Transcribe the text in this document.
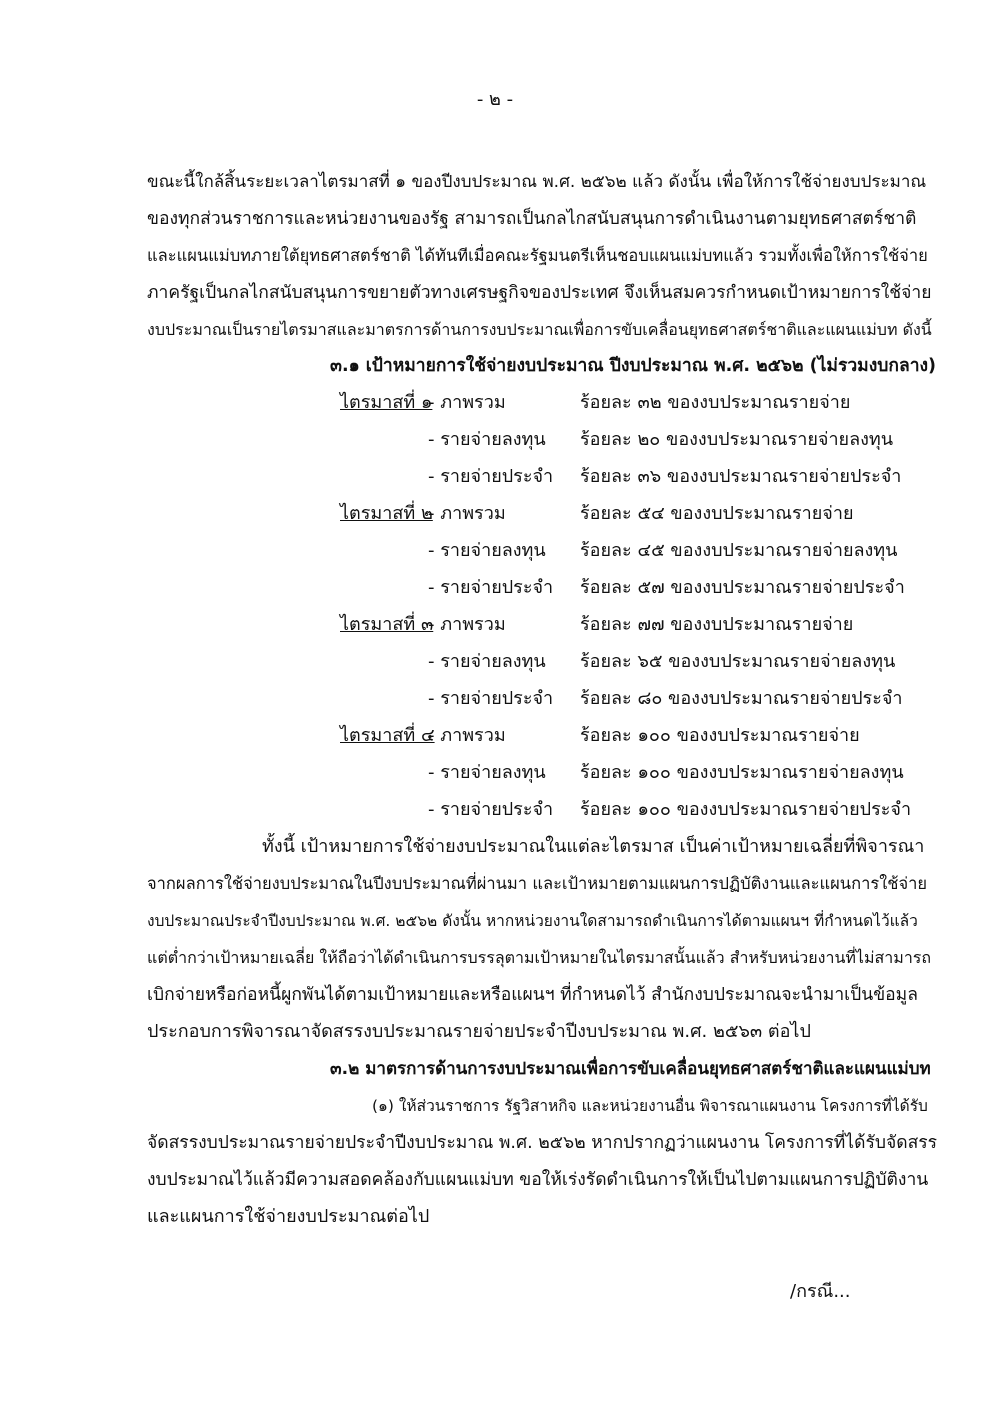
- ๒ -
ขณะนี้ใกล้สิ้นระยะเวลาไตรมาสที่ ๑ ของปีงบประมาณ พ.ศ. ๒๕๖๒ แล้ว ดังนั้น เพื่อให้การใช้จ่ายงบประมาณ
ของทุกส่วนราชการและหน่วยงานของรัฐ สามารถเป็นกลไกสนับสนุนการดำเนินงานตามยุทธศาสตร์ชาติ
และแผนแม่บทภายใต้ยุทธศาสตร์ชาติ ได้ทันทีเมื่อคณะรัฐมนตรีเห็นชอบแผนแม่บทแล้ว รวมทั้งเพื่อให้การใช้จ่าย
ภาครัฐเป็นกลไกสนับสนุนการขยายตัวทางเศรษฐกิจของประเทศ จึงเห็นสมควรกำหนดเป้าหมายการใช้จ่าย
งบประมาณเป็นรายไตรมาสและมาตรการด้านการงบประมาณเพื่อการขับเคลื่อนยุทธศาสตร์ชาติและแผนแม่บท ดังนี้
๓.๑ เป้าหมายการใช้จ่ายงบประมาณ ปีงบประมาณ พ.ศ. ๒๕๖๒ (ไม่รวมงบกลาง)
ไตรมาสที่ ๑
- ภาพรวม	ร้อยละ ๓๒ ของงบประมาณรายจ่าย
- รายจ่ายลงทุน ร้อยละ ๒๐ ของงบประมาณรายจ่ายลงทุน
- รายจ่ายประจำ ร้อยละ ๓๖ ของงบประมาณรายจ่ายประจำ
ไตรมาสที่ ๒
- ภาพรวม	ร้อยละ ๕๔ ของงบประมาณรายจ่าย
- รายจ่ายลงทุน ร้อยละ ๔๕ ของงบประมาณรายจ่ายลงทุน
- รายจ่ายประจำ ร้อยละ ๕๗ ของงบประมาณรายจ่ายประจำ
ไตรมาสที่ ๓
- ภาพรวม	ร้อยละ ๗๗ ของงบประมาณรายจ่าย
- รายจ่ายลงทุน ร้อยละ ๖๕ ของงบประมาณรายจ่ายลงทุน
- รายจ่ายประจำ ร้อยละ ๘๐ ของงบประมาณรายจ่ายประจำ
ไตรมาสที่ ๔
- ภาพรวม	ร้อยละ ๑๐๐ ของงบประมาณรายจ่าย
- รายจ่ายลงทุน ร้อยละ ๑๐๐ ของงบประมาณรายจ่ายลงทุน
- รายจ่ายประจำ ร้อยละ ๑๐๐ ของงบประมาณรายจ่ายประจำ
ทั้งนี้ เป้าหมายการใช้จ่ายงบประมาณในแต่ละไตรมาส เป็นค่าเป้าหมายเฉลี่ยที่พิจารณา
จากผลการใช้จ่ายงบประมาณในปีงบประมาณที่ผ่านมา และเป้าหมายตามแผนการปฏิบัติงานและแผนการใช้จ่าย
งบประมาณประจำปีงบประมาณ พ.ศ. ๒๕๖๒ ดังนั้น หากหน่วยงานใดสามารถดำเนินการได้ตามแผนฯ ที่กำหนดไว้แล้ว
แต่ต่ำกว่าเป้าหมายเฉลี่ย ให้ถือว่าได้ดำเนินการบรรลุตามเป้าหมายในไตรมาสนั้นแล้ว สำหรับหน่วยงานที่ไม่สามารถ
เบิกจ่ายหรือก่อหนี้ผูกพันได้ตามเป้าหมายและหรือแผนฯ ที่กำหนดไว้ สำนักงบประมาณจะนำมาเป็นข้อมูล
ประกอบการพิจารณาจัดสรรงบประมาณรายจ่ายประจำปีงบประมาณ พ.ศ. ๒๕๖๓ ต่อไป
๓.๒ มาตรการด้านการงบประมาณเพื่อการขับเคลื่อนยุทธศาสตร์ชาติและแผนแม่บท
(๑) ให้ส่วนราชการ รัฐวิสาหกิจ และหน่วยงานอื่น พิจารณาแผนงาน โครงการที่ได้รับ
จัดสรรงบประมาณรายจ่ายประจำปีงบประมาณ พ.ศ. ๒๕๖๒ หากปรากฏว่าแผนงาน โครงการที่ได้รับจัดสรร
งบประมาณไว้แล้วมีความสอดคล้องกับแผนแม่บท ขอให้เร่งรัดดำเนินการให้เป็นไปตามแผนการปฏิบัติงาน
และแผนการใช้จ่ายงบประมาณต่อไป
/กรณี...
